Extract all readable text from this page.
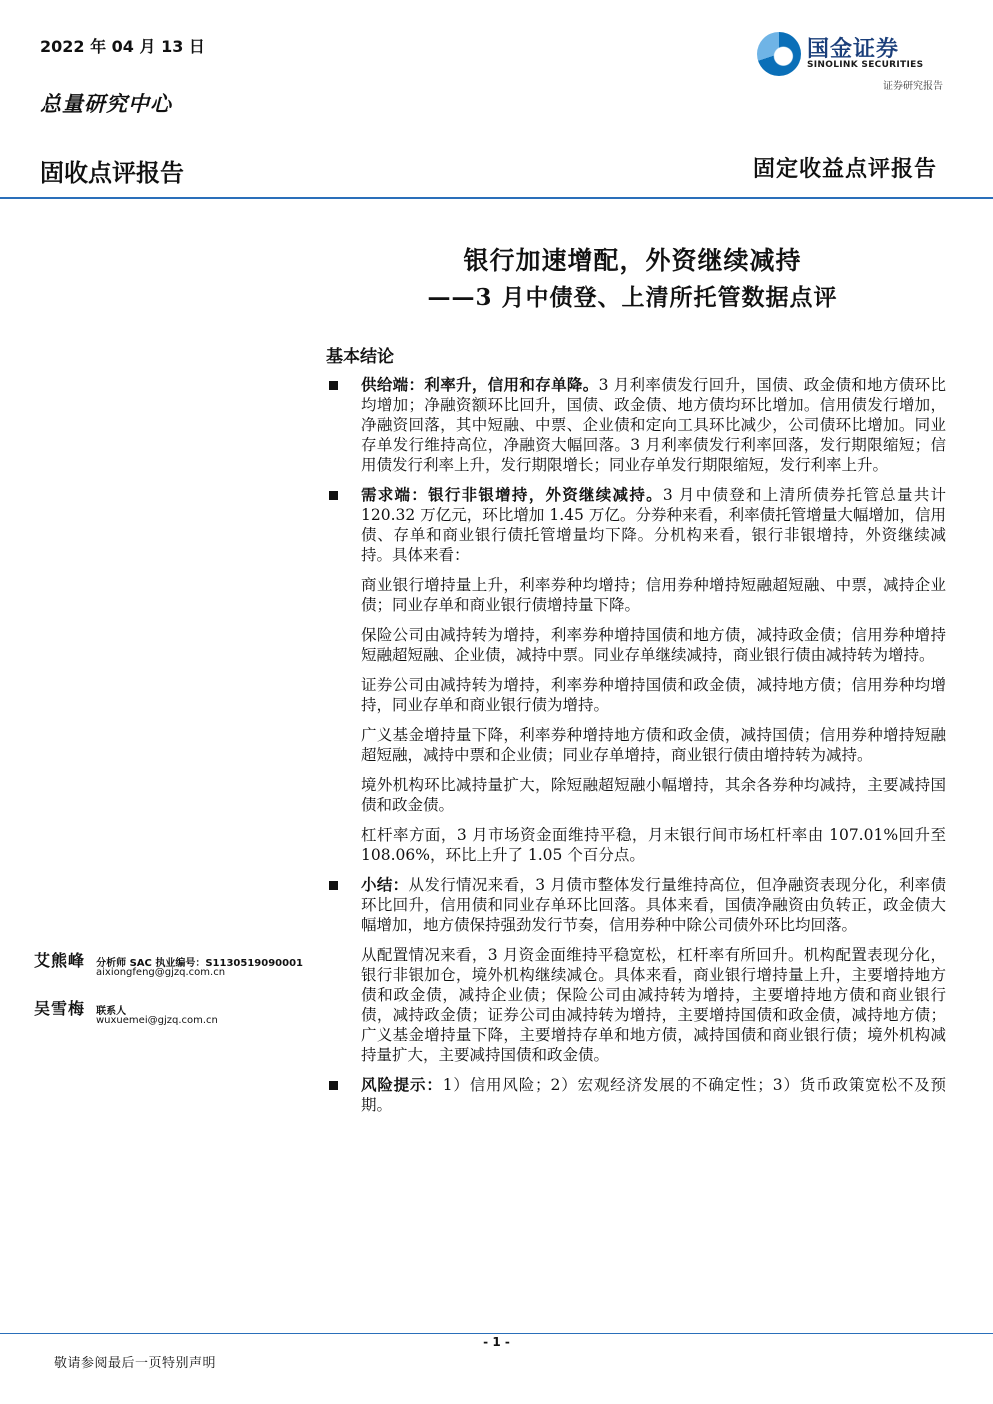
2022 年 04 月 13 日
总量研究中心
国金证券
SINOLINK SECURITIES
证券研究报告
固收点评报告	固定收益点评报告
银行加速增配，外资继续减持
——3 月中债登、上清所托管数据点评
基本结论
供给端：利率升，信用和存单降。3 月利率债发行回升，国债、政金债和地方债环比均增加；净融资额环比回升，国债、政金债、地方债均环比增加。信用债发行增加，净融资回落，其中短融、中票、企业债和定向工具环比减少，公司债环比增加。同业存单发行维持高位，净融资大幅回落。3 月利率债发行利率回落，发行期限缩短；信用债发行利率上升，发行期限增长；同业存单发行期限缩短，发行利率上升。
需求端：银行非银增持，外资继续减持。3 月中债登和上清所债券托管总量共计 120.32 万亿元，环比增加 1.45 万亿。分券种来看，利率债托管增量大幅增加，信用债、存单和商业银行债托管增量均下降。分机构来看，银行非银增持，外资继续减持。具体来看：
商业银行增持量上升，利率券种均增持；信用券种增持短融超短融、中票，减持企业债；同业存单和商业银行债增持量下降。
保险公司由减持转为增持，利率券种增持国债和地方债，减持政金债；信用券种增持短融超短融、企业债，减持中票。同业存单继续减持，商业银行债由减持转为增持。
证券公司由减持转为增持，利率券种增持国债和政金债，减持地方债；信用券种均增持，同业存单和商业银行债为增持。
广义基金增持量下降，利率券种增持地方债和政金债，减持国债；信用券种增持短融超短融，减持中票和企业债；同业存单增持，商业银行债由增持转为减持。
境外机构环比减持量扩大，除短融超短融小幅增持，其余各券种均减持，主要减持国债和政金债。
杠杆率方面，3 月市场资金面维持平稳，月末银行间市场杠杆率由 107.01%回升至 108.06%，环比上升了 1.05 个百分点。
小结：从发行情况来看，3 月债市整体发行量维持高位，但净融资表现分化，利率债环比回升，信用债和同业存单环比回落。具体来看，国债净融资由负转正，政金债大幅增加，地方债保持强劲发行节奏，信用券种中除公司债外环比均回落。
从配置情况来看，3 月资金面维持平稳宽松，杠杆率有所回升。机构配置表现分化，银行非银加仓，境外机构继续减仓。具体来看，商业银行增持量上升，主要增持地方债和政金债，减持企业债；保险公司由减持转为增持，主要增持地方债和商业银行债，减持政金债；证券公司由减持转为增持，主要增持国债和政金债，减持地方债；广义基金增持量下降，主要增持存单和地方债，减持国债和商业银行债；境外机构减持量扩大，主要减持国债和政金债。
风险提示：1）信用风险；2）宏观经济发展的不确定性；3）货币政策宽松不及预期。
艾熊峰 分析师 SAC 执业编号：S1130519090001
aixiongfeng@gjzq.com.cn
吴雪梅 联系人
wuxuemei@gjzq.com.cn
- 1 -
敬请参阅最后一页特别声明
